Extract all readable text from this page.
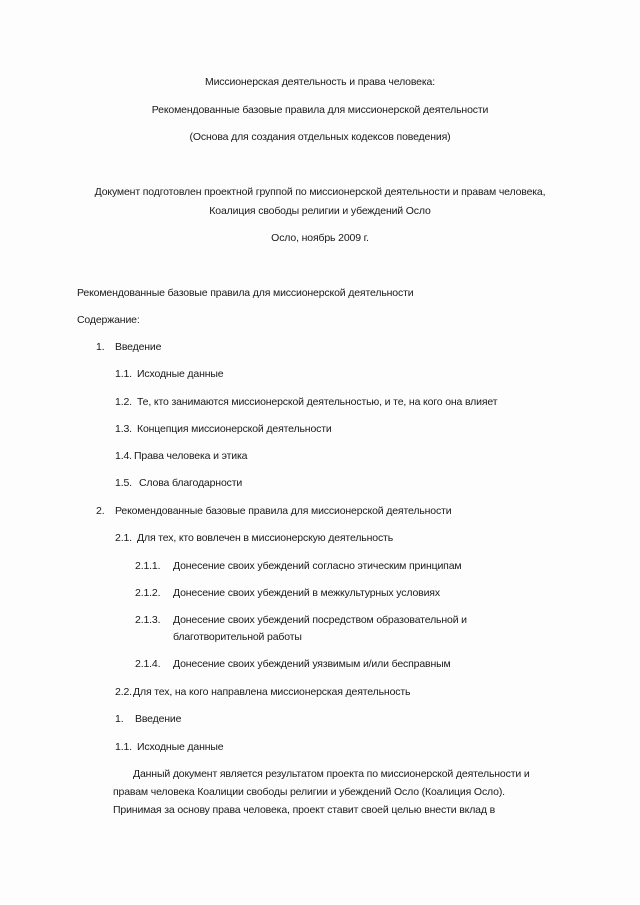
Миссионерская деятельность и права человека:
Рекомендованные базовые правила для миссионерской деятельности
(Основа для создания отдельных кодексов поведения)
Документ подготовлен проектной группой по миссионерской деятельности и правам человека,
Коалиция свободы религии и убеждений Осло
Осло, ноябрь 2009 г.
Рекомендованные базовые правила для миссионерской деятельности
Содержание:
1. Введение
1.1. Исходные данные
1.2. Те, кто занимаются миссионерской деятельностью, и те, на кого она влияет
1.3. Концепция миссионерской деятельности
1.4. Права человека и этика
1.5. Слова благодарности
2. Рекомендованные базовые правила для миссионерской деятельности
2.1. Для тех, кто вовлечен в миссионерскую деятельность
2.1.1. Донесение своих убеждений согласно этическим принципам
2.1.2. Донесение своих убеждений в межкультурных условиях
2.1.3. Донесение своих убеждений посредством образовательной и
благотворительной работы
2.1.4. Донесение своих убеждений уязвимым и/или бесправным
2.2. Для тех, на кого направлена миссионерская деятельность
1. Введение
1.1. Исходные данные
Данный документ является результатом проекта по миссионерской деятельности и
правам человека Коалиции свободы религии и убеждений Осло (Коалиция Осло).
Принимая за основу права человека, проект ставит своей целью внести вклад в
